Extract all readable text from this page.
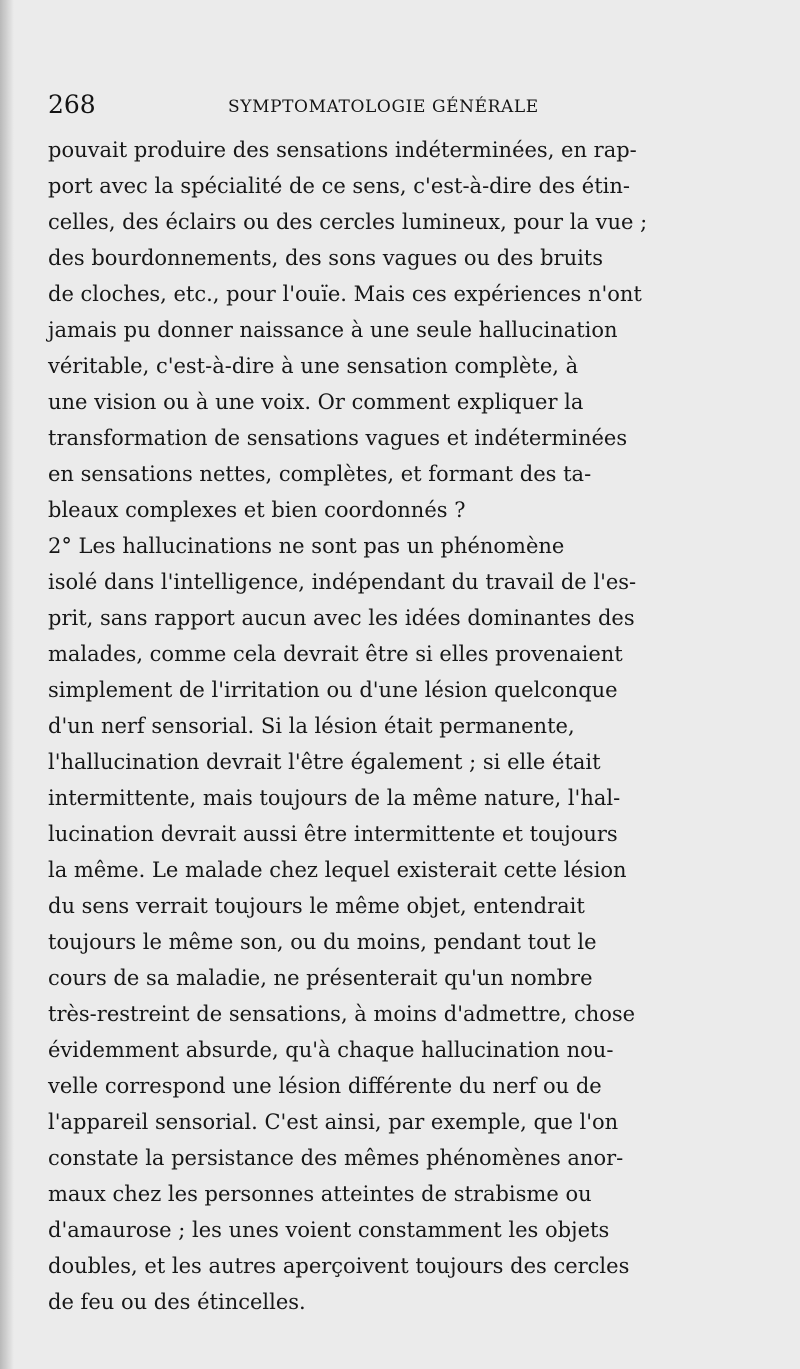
268	SYMPTOMATOLOGIE GÉNÉRALE
pouvait produire des sensations indéterminées, en rap-
port avec la spécialité de ce sens, c'est-à-dire des étin-
celles, des éclairs ou des cercles lumineux, pour la vue ;
des bourdonnements, des sons vagues ou des bruits
de cloches, etc., pour l'ouïe. Mais ces expériences n'ont
jamais pu donner naissance à une seule hallucination
véritable, c'est-à-dire à une sensation complète, à
une vision ou à une voix. Or comment expliquer la
transformation de sensations vagues et indéterminées
en sensations nettes, complètes, et formant des ta-
bleaux complexes et bien coordonnés ?
2° Les hallucinations ne sont pas un phénomène
isolé dans l'intelligence, indépendant du travail de l'es-
prit, sans rapport aucun avec les idées dominantes des
malades, comme cela devrait être si elles provenaient
simplement de l'irritation ou d'une lésion quelconque
d'un nerf sensorial. Si la lésion était permanente,
l'hallucination devrait l'être également ; si elle était
intermittente, mais toujours de la même nature, l'hal-
lucination devrait aussi être intermittente et toujours
la même. Le malade chez lequel existerait cette lésion
du sens verrait toujours le même objet, entendrait
toujours le même son, ou du moins, pendant tout le
cours de sa maladie, ne présenterait qu'un nombre
très-restreint de sensations, à moins d'admettre, chose
évidemment absurde, qu'à chaque hallucination nou-
velle correspond une lésion différente du nerf ou de
l'appareil sensorial. C'est ainsi, par exemple, que l'on
constate la persistance des mêmes phénomènes anor-
maux chez les personnes atteintes de strabisme ou
d'amaurose ; les unes voient constamment les objets
doubles, et les autres aperçoivent toujours des cercles
de feu ou des étincelles.
